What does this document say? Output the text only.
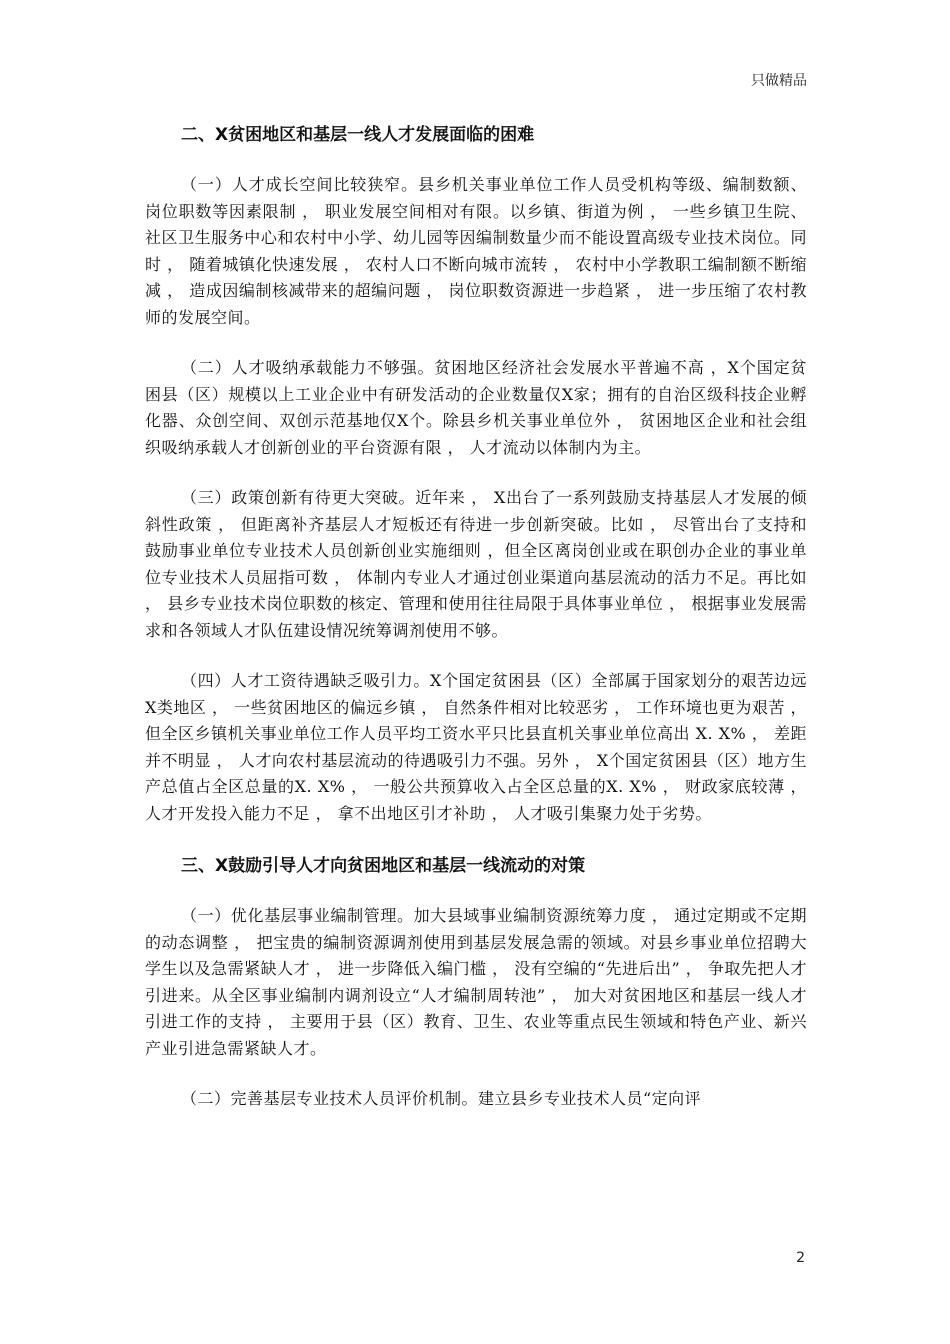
只做精品
二、X贫困地区和基层一线人才发展面临的困难

（一）人才成长空间比较狭窄。县乡机关事业单位工作人员受机构等级、编制数额、岗位职数等因素限制 ， 职业发展空间相对有限。以乡镇、街道为例 ， 一些乡镇卫生院、社区卫生服务中心和农村中小学、幼儿园等因编制数量少而不能设置高级专业技术岗位。同时 ， 随着城镇化快速发展 ， 农村人口不断向城市流转 ， 农村中小学教职工编制额不断缩减 ， 造成因编制核减带来的超编问题 ， 岗位职数资源进一步趋紧 ， 进一步压缩了农村教师的发展空间。

（二）人才吸纳承载能力不够强。贫困地区经济社会发展水平普遍不高 ，X个国定贫困县（区）规模以上工业企业中有研发活动的企业数量仅X家；拥有的自治区级科技企业孵化器、众创空间、双创示范基地仅X个。除县乡机关事业单位外 ， 贫困地区企业和社会组织吸纳承载人才创新创业的平台资源有限 ， 人才流动以体制内为主。

（三）政策创新有待更大突破。近年来 ， X出台了一系列鼓励支持基层人才发展的倾斜性政策 ， 但距离补齐基层人才短板还有待进一步创新突破。比如 ， 尽管出台了支持和鼓励事业单位专业技术人员创新创业实施细则 ，但全区离岗创业或在职创办企业的事业单位专业技术人员屈指可数 ， 体制内专业人才通过创业渠道向基层流动的活力不足。再比如 ， 县乡专业技术岗位职数的核定、管理和使用往往局限于具体事业单位 ， 根据事业发展需求和各领域人才队伍建设情况统筹调剂使用不够。

（四）人才工资待遇缺乏吸引力。X个国定贫困县（区）全部属于国家划分的艰苦边远X类地区 ， 一些贫困地区的偏远乡镇 ， 自然条件相对比较恶劣 ， 工作环境也更为艰苦 ， 但全区乡镇机关事业单位工作人员平均工资水平只比县直机关事业单位高出 X. X% ， 差距并不明显 ， 人才向农村基层流动的待遇吸引力不强。另外 ， X个国定贫困县（区）地方生产总值占全区总量的X. X% ， 一般公共预算收入占全区总量的X. X% ， 财政家底较薄 ， 人才开发投入能力不足 ， 拿不出地区引才补助 ， 人才吸引集聚力处于劣势。

三、X鼓励引导人才向贫困地区和基层一线流动的对策

（一）优化基层事业编制管理。加大县域事业编制资源统筹力度 ， 通过定期或不定期的动态调整 ， 把宝贵的编制资源调剂使用到基层发展急需的领域。对县乡事业单位招聘大学生以及急需紧缺人才 ， 进一步降低入编门槛 ， 没有空编的“先进后出” ， 争取先把人才引进来。从全区事业编制内调剂设立“人才编制周转池” ， 加大对贫困地区和基层一线人才引进工作的支持 ， 主要用于县（区）教育、卫生、农业等重点民生领域和特色产业、新兴产业引进急需紧缺人才。

（二）完善基层专业技术人员评价机制。建立县乡专业技术人员“定向评

2
